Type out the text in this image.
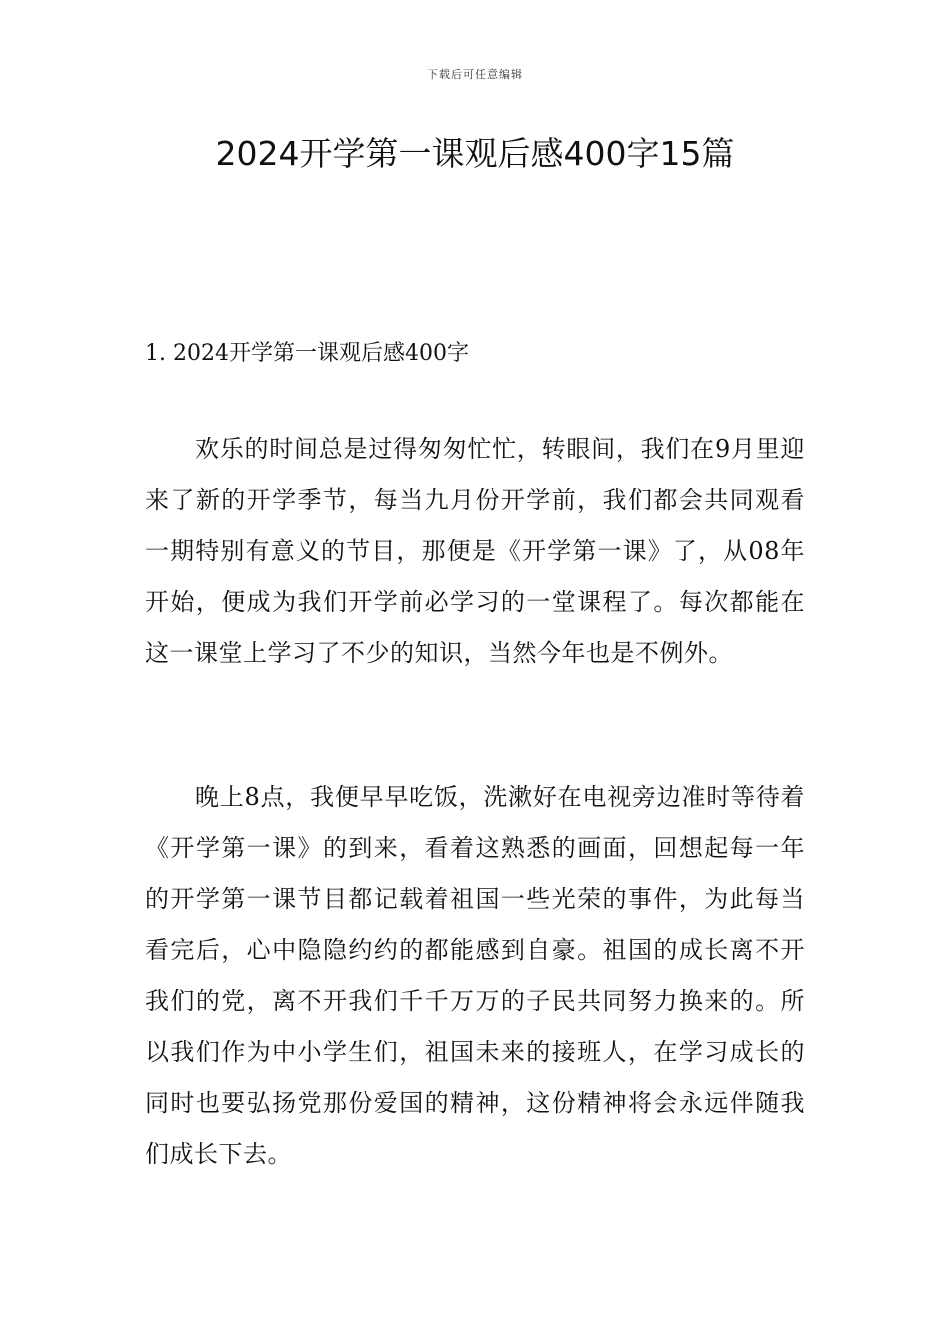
下载后可任意编辑
2024开学第一课观后感400字15篇
1. 2024开学第一课观后感400字

欢乐的时间总是过得匆匆忙忙，转眼间，我们在9月里迎来了新的开学季节，每当九月份开学前，我们都会共同观看一期特别有意义的节目，那便是《开学第一课》了，从08年开始，便成为我们开学前必学习的一堂课程了。每次都能在这一课堂上学习了不少的知识，当然今年也是不例外。

晚上8点，我便早早吃饭，洗漱好在电视旁边准时等待着《开学第一课》的到来，看着这熟悉的画面，回想起每一年的开学第一课节目都记载着祖国一些光荣的事件，为此每当看完后，心中隐隐约约的都能感到自豪。祖国的成长离不开我们的党，离不开我们千千万万的子民共同努力换来的。所以我们作为中小学生们，祖国未来的接班人，在学习成长的同时也要弘扬党那份爱国的精神，这份精神将会永远伴随我们成长下去。
